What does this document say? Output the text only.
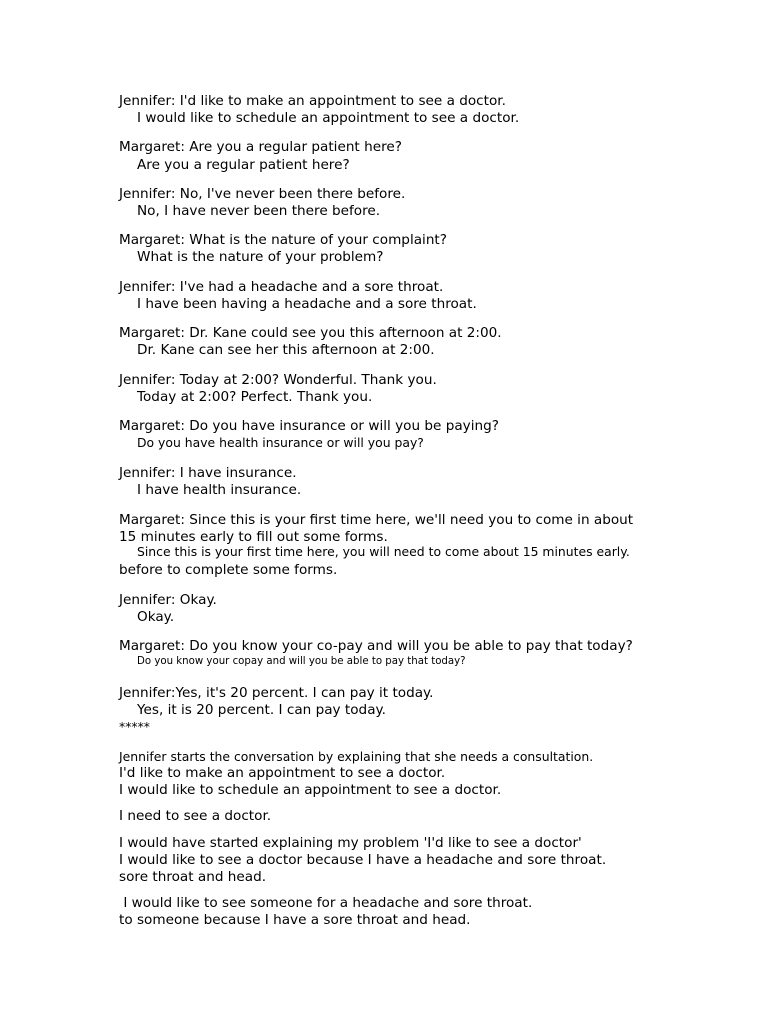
Jennifer: I'd like to make an appointment to see a doctor.
I would like to schedule an appointment to see a doctor.
Margaret: Are you a regular patient here?
Are you a regular patient here?
Jennifer: No, I've never been there before.
No, I have never been there before.
Margaret: What is the nature of your complaint?
What is the nature of your problem?
Jennifer: I've had a headache and a sore throat.
I have been having a headache and a sore throat.
Margaret: Dr. Kane could see you this afternoon at 2:00.
Dr. Kane can see her this afternoon at 2:00.
Jennifer: Today at 2:00? Wonderful. Thank you.
Today at 2:00? Perfect. Thank you.
Margaret: Do you have insurance or will you be paying?
Do you have health insurance or will you pay?
Jennifer: I have insurance.
I have health insurance.
Margaret: Since this is your first time here, we'll need you to come in about
15 minutes early to fill out some forms.
Since this is your first time here, you will need to come about 15 minutes early.
before to complete some forms.
Jennifer: Okay.
Okay.
Margaret: Do you know your co-pay and will you be able to pay that today?
Do you know your copay and will you be able to pay that today?
Jennifer:Yes, it's 20 percent. I can pay it today.
Yes, it is 20 percent. I can pay today.
*****
Jennifer starts the conversation by explaining that she needs a consultation.
I'd like to make an appointment to see a doctor.
I would like to schedule an appointment to see a doctor.
I need to see a doctor.
I would have started explaining my problem 'I'd like to see a doctor'
I would like to see a doctor because I have a headache and sore throat.
sore throat and head.
I would like to see someone for a headache and sore throat.
to someone because I have a sore throat and head.
